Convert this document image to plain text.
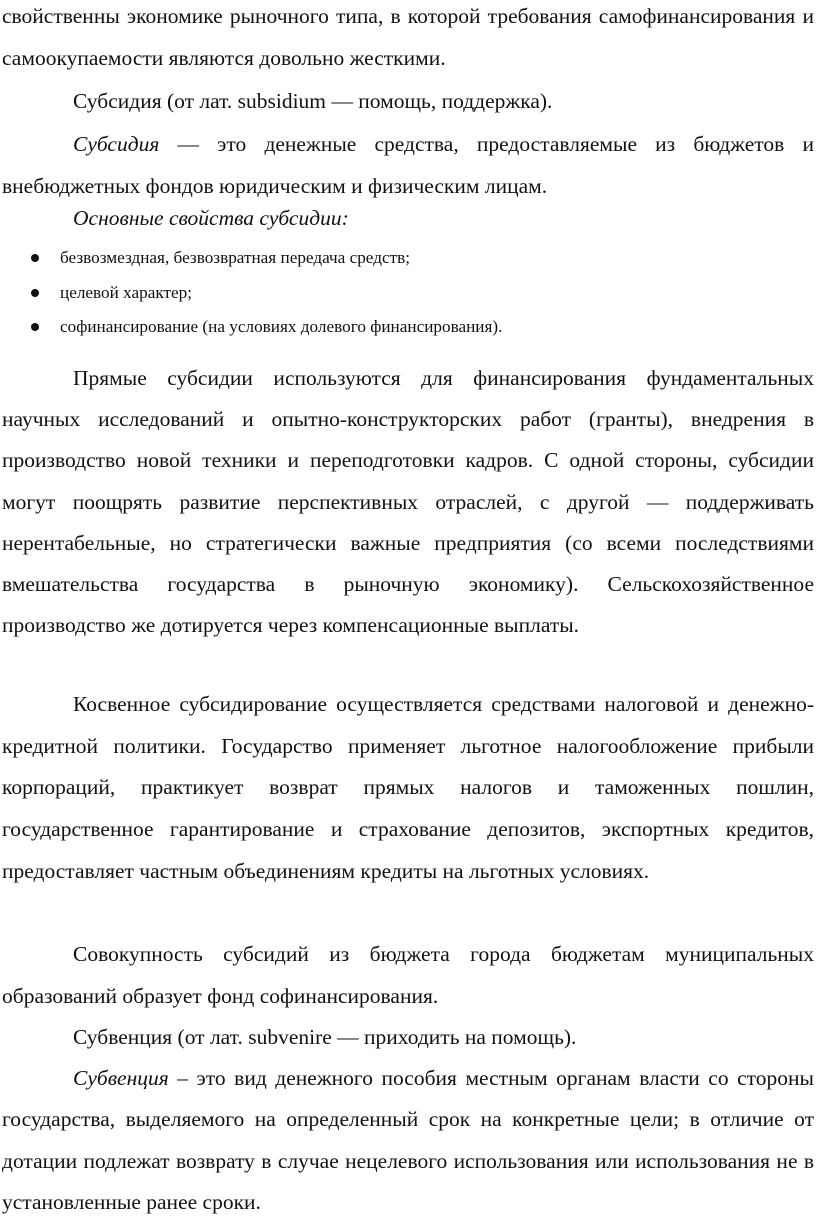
свойственны экономике рыночного типа, в которой требования самофинансирования и самоокупаемости являются довольно жесткими.

Субсидия (от лат. subsidium — помощь, поддержка).

Субсидия — это денежные средства, предоставляемые из бюджетов и внебюджетных фондов юридическим и физическим лицам.

Основные свойства субсидии:

безвозмездная, безвозвратная передача средств;
целевой характер;
софинансирование (на условиях долевого финансирования).

Прямые субсидии используются для финансирования фундаментальных научных исследований и опытно-конструкторских работ (гранты), внедрения в производство новой техники и переподготовки кадров. С одной стороны, субсидии могут поощрять развитие перспективных отраслей, с другой — поддерживать нерентабельные, но стратегически важные предприятия (со всеми последствиями вмешательства государства в рыночную экономику). Сельскохозяйственное производство же дотируется через компенсационные выплаты.

Косвенное субсидирование осуществляется средствами налоговой и денежно-кредитной политики. Государство применяет льготное налогообложение прибыли корпораций, практикует возврат прямых налогов и таможенных пошлин, государственное гарантирование и страхование депозитов, экспортных кредитов, предоставляет частным объединениям кредиты на льготных условиях.

Совокупность субсидий из бюджета города бюджетам муниципальных образований образует фонд софинансирования.

Субвенция (от лат. subvenire — приходить на помощь).

Субвенция – это вид денежного пособия местным органам власти со стороны государства, выделяемого на определенный срок на конкретные цели; в отличие от дотации подлежат возврату в случае нецелевого использования или использования не в установленные ранее сроки.
